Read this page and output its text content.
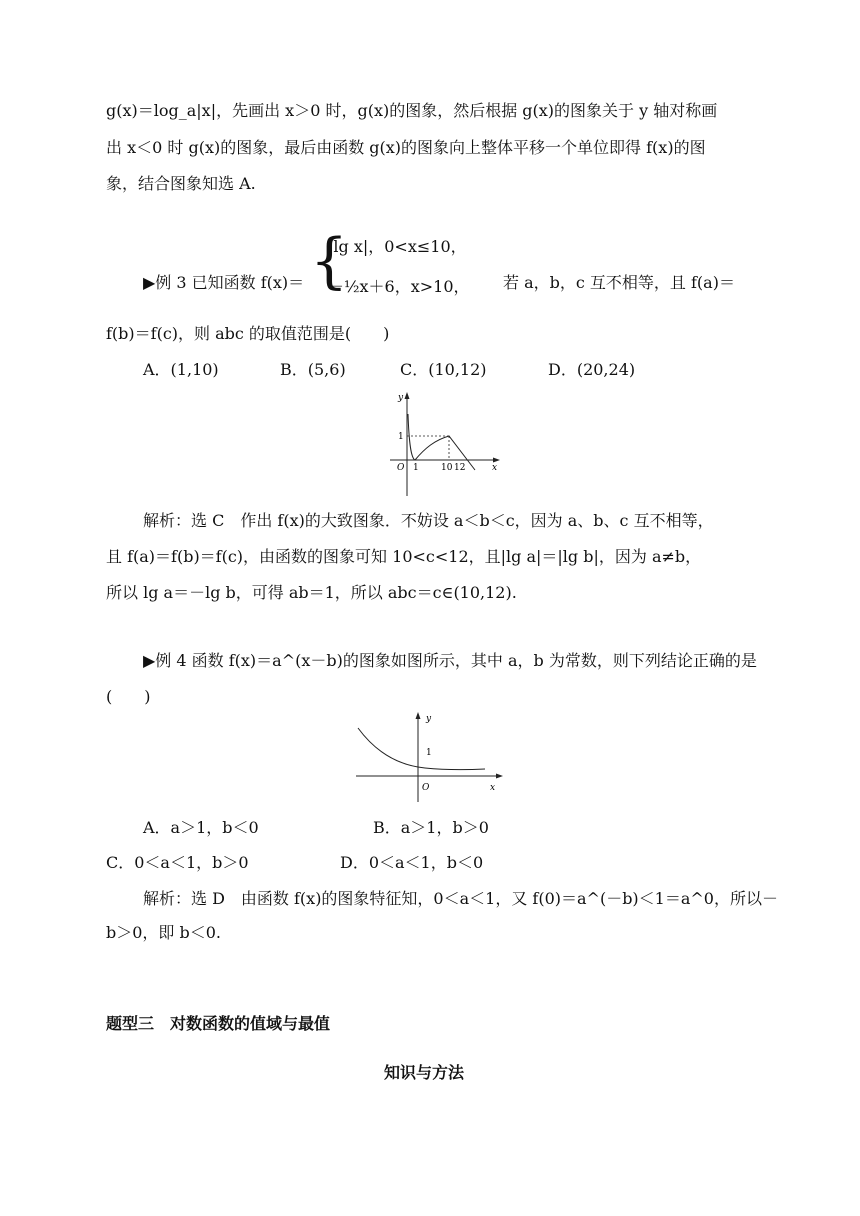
g(x)＝log_a|x|，先画出 x＞0 时，g(x)的图象，然后根据 g(x)的图象关于 y 轴对称画
出 x＜0 时 g(x)的图象，最后由函数 g(x)的图象向上整体平移一个单位即得 f(x)的图
象，结合图象知选 A.
▶例 3 已知函数 f(x)＝ {
|lg x|，0<x≤10，
－½x＋6，x>10， 若 a，b，c 互不相等，且 f(a)＝
f(b)＝f(c)，则 abc 的取值范围是(　　)
A．(1,10)	B．(5,6)	C．(10,12)	D．(20,24)
y
x
O 1 10 12
1
解析：选 C　作出 f(x)的大致图象．不妨设 a＜b＜c，因为 a、b、c 互不相等，
且 f(a)＝f(b)＝f(c)，由函数的图象可知 10<c<12，且|lg a|＝|lg b|，因为 a≠b，
所以 lg a＝－lg b，可得 ab＝1，所以 abc＝c∈(10,12).
▶例 4 函数 f(x)＝a^(x－b)的图象如图所示，其中 a，b 为常数，则下列结论正确的是
(　　)
y
x
O
1
A．a＞1，b＜0	B．a＞1，b＞0
C．0＜a＜1，b＞0	D．0＜a＜1，b＜0
解析：选 D　由函数 f(x)的图象特征知，0＜a＜1，又 f(0)＝a^(－b)＜1＝a^0，所以－
b＞0，即 b＜0.
题型三　对数函数的值域与最值
知识与方法
